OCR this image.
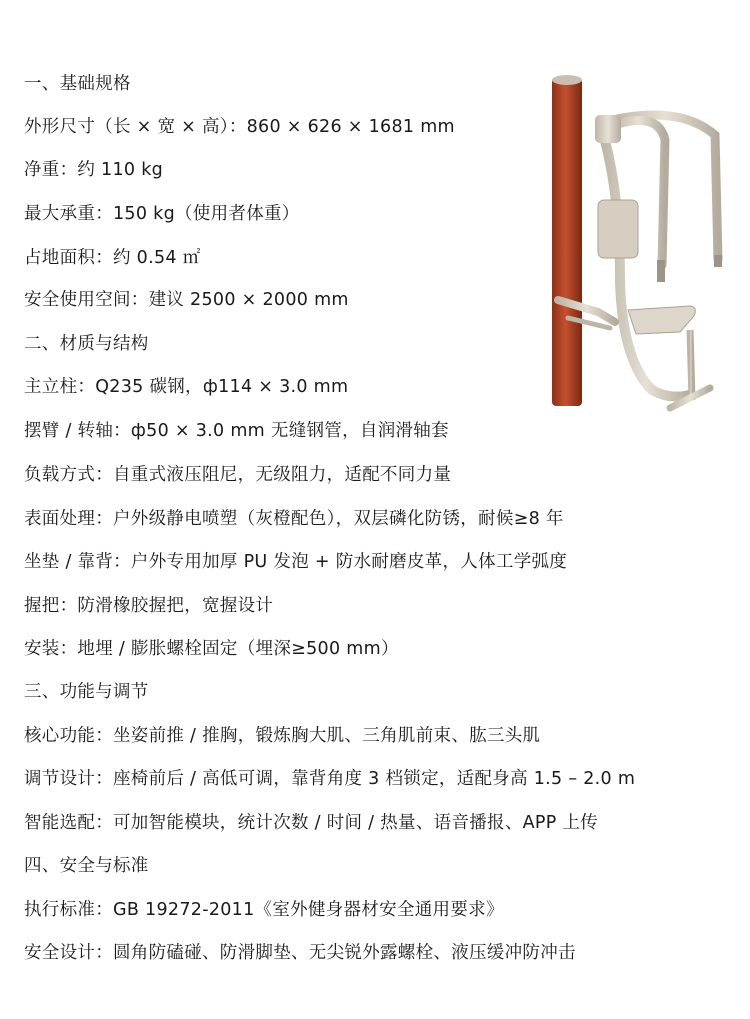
一、基础规格
外形尺寸（长 × 宽 × 高）：860 × 626 × 1681 mm
净重：约 110 kg
最大承重：150 kg（使用者体重）
占地面积：约 0.54 ㎡
安全使用空间：建议 2500 × 2000 mm
二、材质与结构
主立柱：Q235 碳钢，ф114 × 3.0 mm
摆臂 / 转轴：ф50 × 3.0 mm 无缝钢管，自润滑轴套
负载方式：自重式液压阻尼，无级阻力，适配不同力量
表面处理：户外级静电喷塑（灰橙配色），双层磷化防锈，耐候≥8 年
坐垫 / 靠背：户外专用加厚 PU 发泡 + 防水耐磨皮革，人体工学弧度
握把：防滑橡胶握把，宽握设计
安装：地埋 / 膨胀螺栓固定（埋深≥500 mm）
三、功能与调节
核心功能：坐姿前推 / 推胸，锻炼胸大肌、三角肌前束、肱三头肌
调节设计：座椅前后 / 高低可调，靠背角度 3 档锁定，适配身高 1.5 – 2.0 m
智能选配：可加智能模块，统计次数 / 时间 / 热量、语音播报、APP 上传
四、安全与标准
执行标准：GB 19272-2011《室外健身器材安全通用要求》
安全设计：圆角防磕碰、防滑脚垫、无尖锐外露螺栓、液压缓冲防冲击
